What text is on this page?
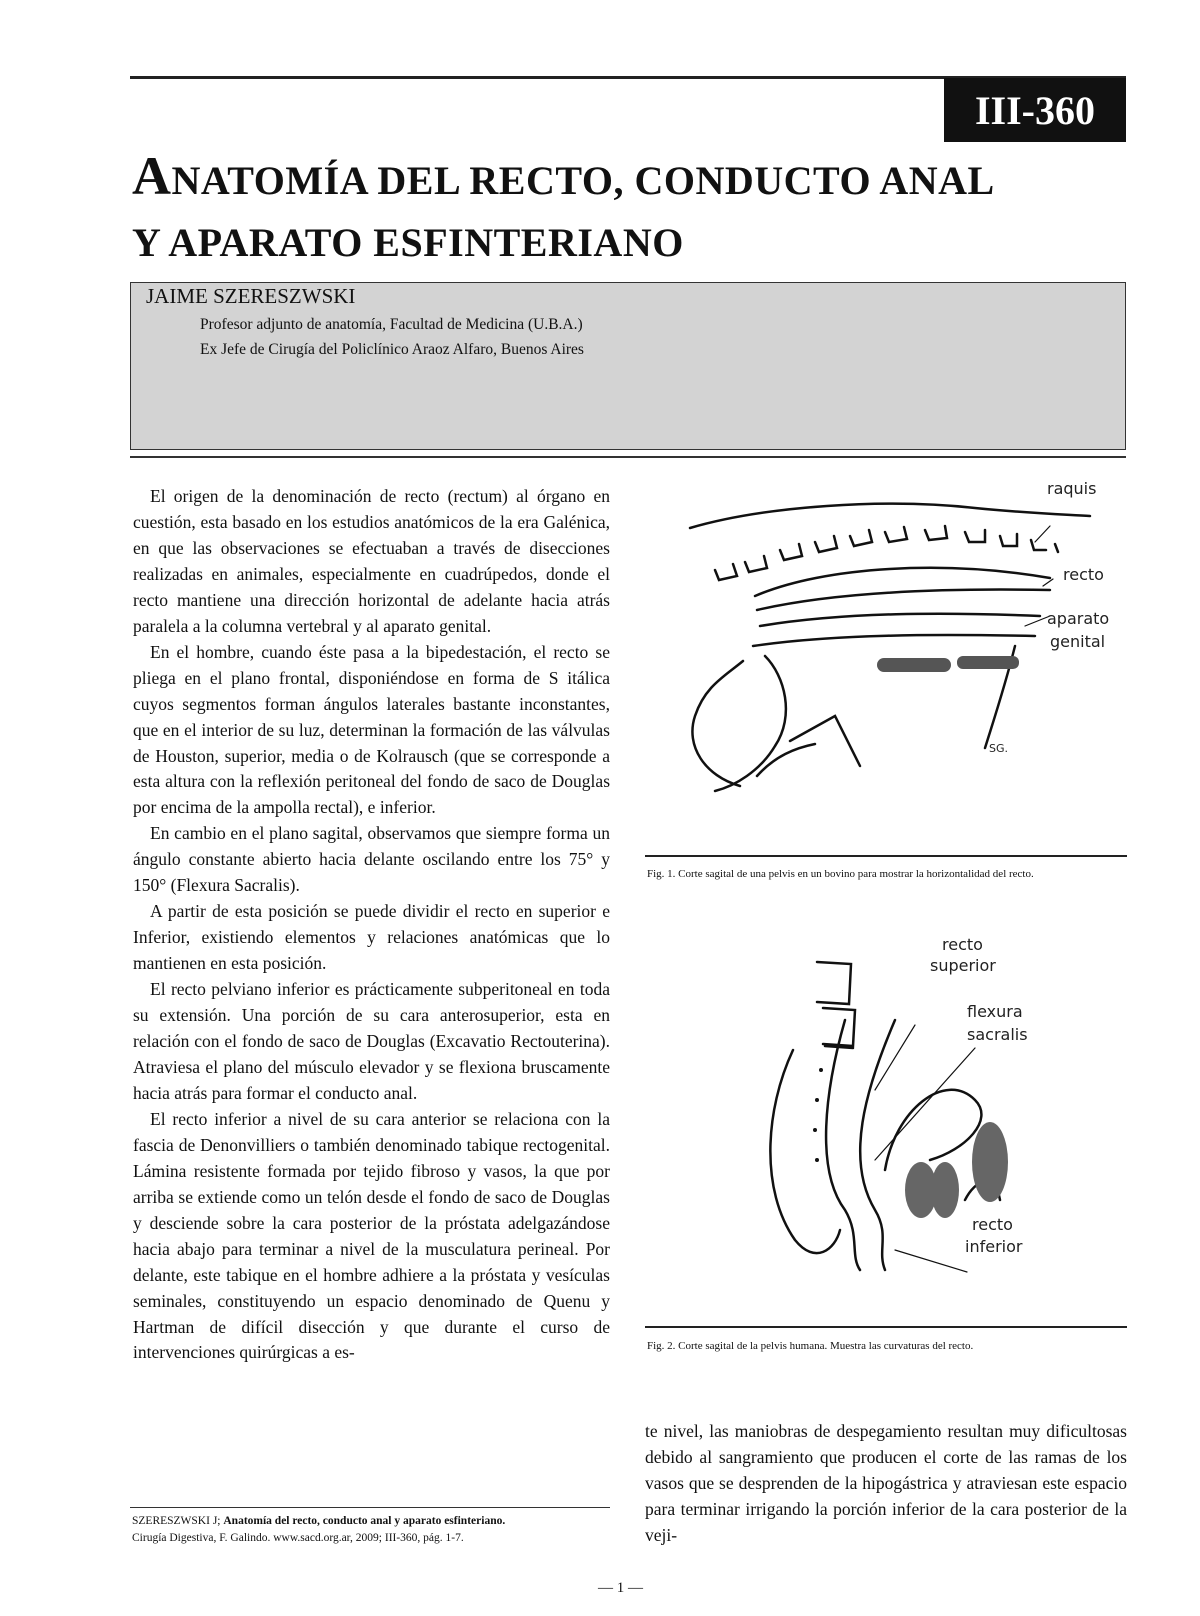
III-360
ANATOMÍA DEL RECTO, CONDUCTO ANAL
Y APARATO ESFINTERIANO
JAIME SZERESZWSKI

Profesor adjunto de anatomía, Facultad de Medicina (U.B.A.)

Ex Jefe de Cirugía del Policlínico Araoz Alfaro, Buenos Aires

El origen de la denominación de recto (rectum) al órgano en cuestión, esta basado en los estudios anatómicos de la era Galénica, en que las observaciones se efectuaban a través de disecciones realizadas en animales, especialmente en cuadrúpedos, donde el recto mantiene una dirección horizontal de adelante hacia atrás paralela a la columna vertebral y al aparato genital.

En el hombre, cuando éste pasa a la bipedestación, el recto se pliega en el plano frontal, disponiéndose en forma de S itálica cuyos segmentos forman ángulos laterales bastante inconstantes, que en el interior de su luz, determinan la formación de las válvulas de Houston, superior, media o de Kolrausch (que se corresponde a esta altura con la reflexión peritoneal del fondo de saco de Douglas por encima de la ampolla rectal), e inferior.

En cambio en el plano sagital, observamos que siempre forma un ángulo constante abierto hacia delante oscilando entre los 75° y 150° (Flexura Sacralis).

A partir de esta posición se puede dividir el recto en superior e Inferior, existiendo elementos y relaciones anatómicas que lo mantienen en esta posición.

El recto pelviano inferior es prácticamente subperitoneal en toda su extensión. Una porción de su cara anterosuperior, esta en relación con el fondo de saco de Douglas (Excavatio Rectouterina). Atraviesa el plano del músculo elevador y se flexiona bruscamente hacia atrás para formar el conducto anal.

El recto inferior a nivel de su cara anterior se relaciona con la fascia de Denonvilliers o también denominado tabique rectogenital. Lámina resistente formada por tejido fibroso y vasos, la que por arriba se extiende como un telón desde el fondo de saco de Douglas y desciende sobre la cara posterior de la próstata adelgazándose hacia abajo para terminar a nivel de la musculatura perineal. Por delante, este tabique en el hombre adhiere a la próstata y vesículas seminales, constituyendo un espacio denominado de Quenu y Hartman de difícil disección y que durante el curso de intervenciones quirúrgicas a es-

raquis
recto
aparato
genital
SG.
Fig. 1. Corte sagital de una pelvis en un bovino para mostrar la horizontalidad del recto.
recto
superior
flexura
sacralis
recto
inferior
Fig. 2. Corte sagital de la pelvis humana. Muestra las curvaturas del recto.

te nivel, las maniobras de despegamiento resultan muy dificultosas debido al sangramiento que producen el corte de las ramas de los vasos que se desprenden de la hipogástrica y atraviesan este espacio para terminar irrigando la porción inferior de la cara posterior de la veji-

SZERESZWSKI J; Anatomía del recto, conducto anal y aparato esfinteriano.
Cirugía Digestiva, F. Galindo. www.sacd.org.ar, 2009; III-360, pág. 1-7.
— 1 —
